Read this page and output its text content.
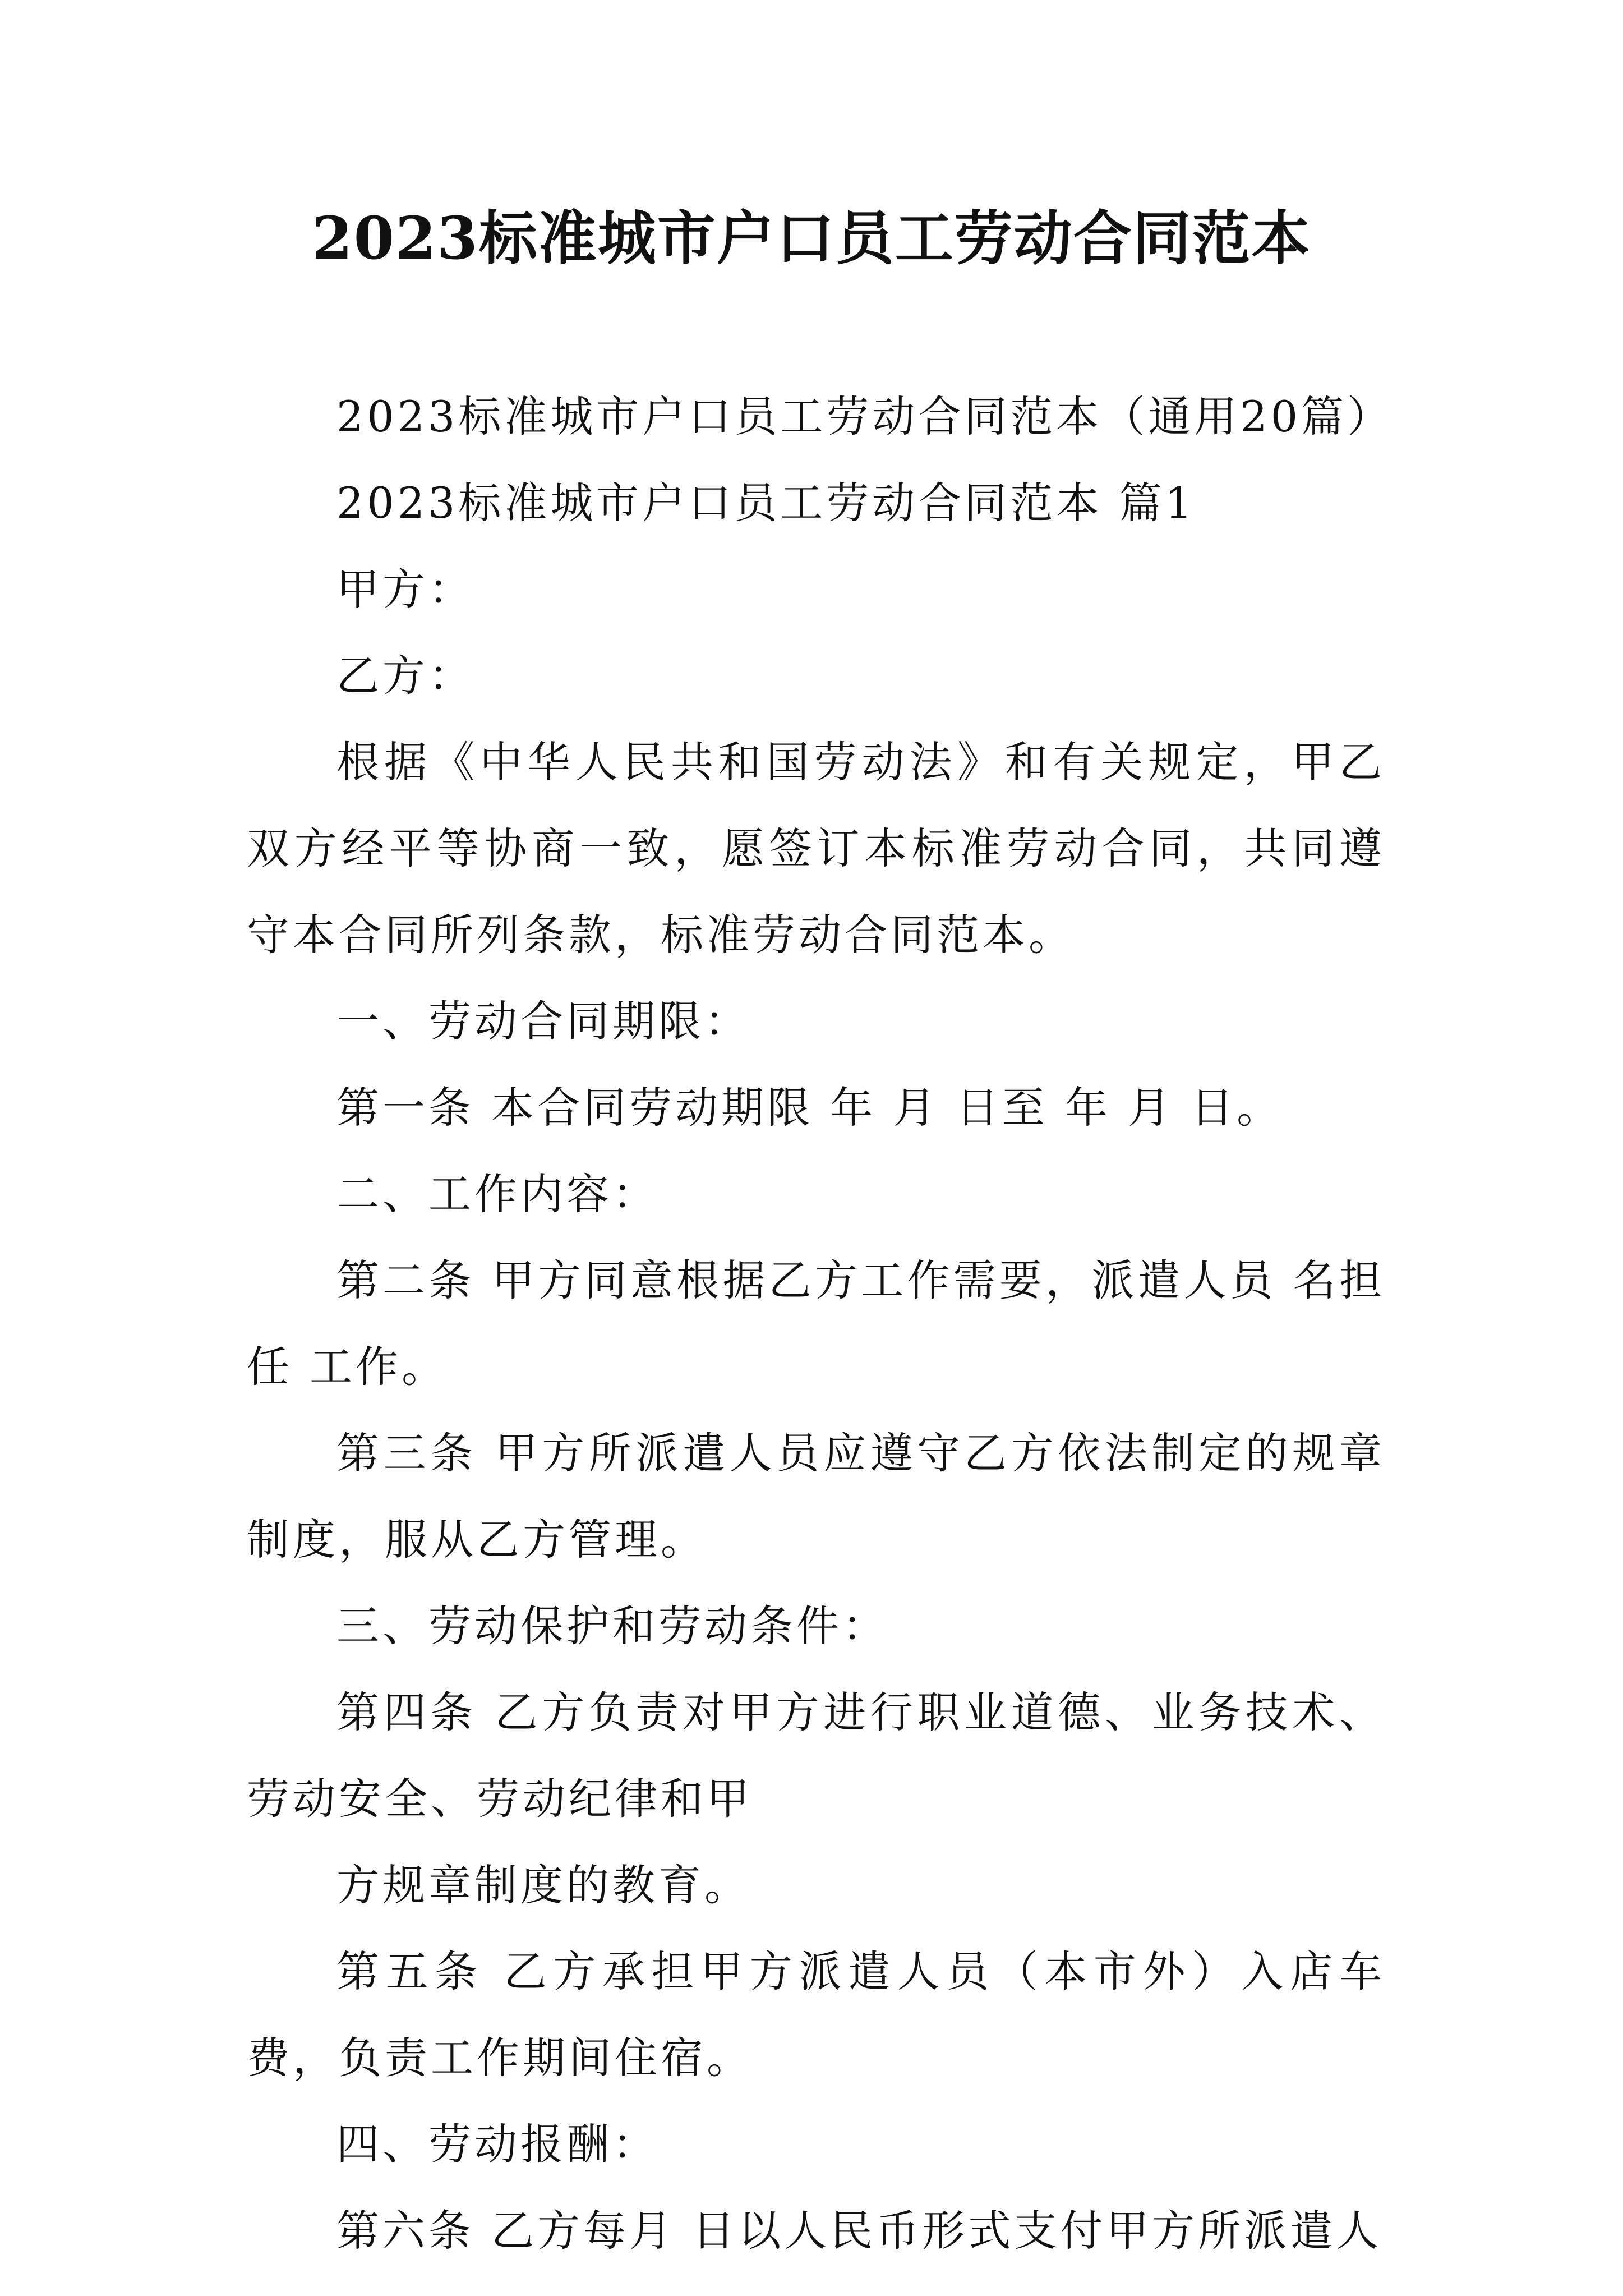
2023标准城市户口员工劳动合同范本

2023标准城市户口员工劳动合同范本（通用20篇）

2023标准城市户口员工劳动合同范本 篇1

甲方：

乙方：

根据《中华人民共和国劳动法》和有关规定，甲乙双方经平等协商一致，愿签订本标准劳动合同，共同遵守本合同所列条款，标准劳动合同范本。

一、劳动合同期限：

第一条 本合同劳动期限 年 月 日至 年 月 日。

二、工作内容：

第二条 甲方同意根据乙方工作需要，派遣人员 名担任 工作。

第三条 甲方所派遣人员应遵守乙方依法制定的规章制度，服从乙方管理。

三、劳动保护和劳动条件：

第四条 乙方负责对甲方进行职业道德、业务技术、劳动安全、劳动纪律和甲

方规章制度的教育。

第五条 乙方承担甲方派遣人员（本市外）入店车费，负责工作期间住宿。

四、劳动报酬：

第六条 乙方每月 日以人民币形式支付甲方所派遣人
